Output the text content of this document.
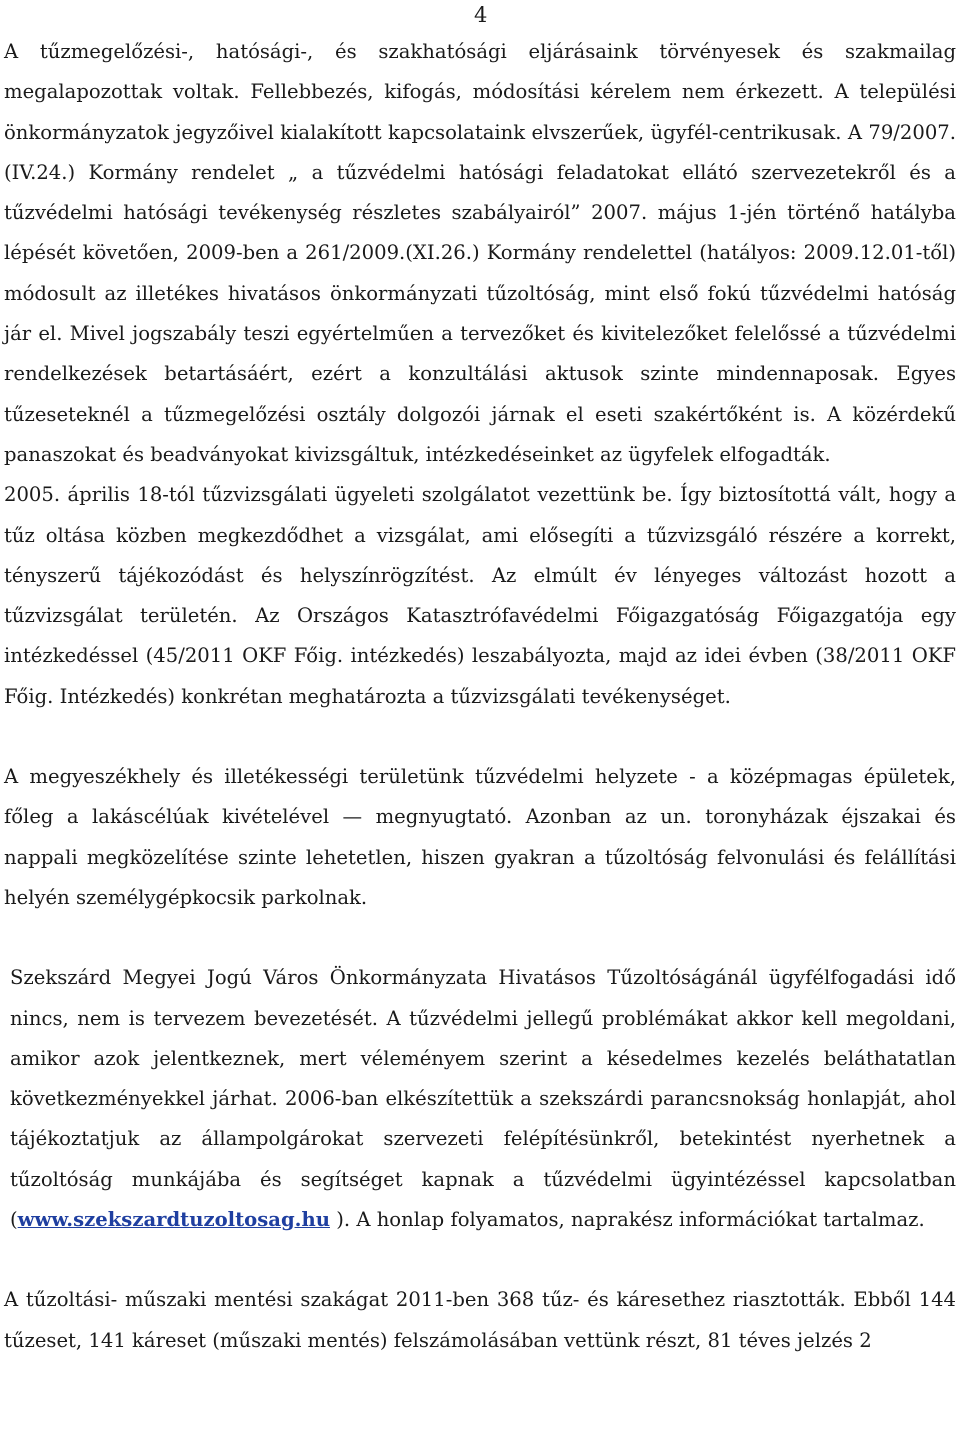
4

A tűzmegelőzési-, hatósági-, és szakhatósági eljárásaink törvényesek és szakmailag megalapozottak voltak. Fellebbezés, kifogás, módosítási kérelem nem érkezett. A települési önkormányzatok jegyzőivel kialakított kapcsolataink elvszerűek, ügyfél-centrikusak. A 79/2007.(IV.24.) Kormány rendelet „ a tűzvédelmi hatósági feladatokat ellátó szervezetekről és a tűzvédelmi hatósági tevékenység részletes szabályairól” 2007. május 1-jén történő hatályba lépését követően, 2009-ben a 261/2009.(XI.26.) Kormány rendelettel (hatályos: 2009.12.01-től) módosult az illetékes hivatásos önkormányzati tűzoltóság, mint első fokú tűzvédelmi hatóság jár el. Mivel jogszabály teszi egyértelműen a tervezőket és kivitelezőket felelőssé a tűzvédelmi rendelkezések betartásáért, ezért a konzultálási aktusok szinte mindennaposak. Egyes tűzeseteknél a tűzmegelőzési osztály dolgozói járnak el eseti szakértőként is. A közérdekű panaszokat és beadványokat kivizsgáltuk, intézkedéseinket az ügyfelek elfogadták.

2005. április 18-tól tűzvizsgálati ügyeleti szolgálatot vezettünk be. Így biztosítottá vált, hogy a tűz oltása közben megkezdődhet a vizsgálat, ami elősegíti a tűzvizsgáló részére a korrekt, tényszerű tájékozódást és helyszínrögzítést. Az elmúlt év lényeges változást hozott a tűzvizsgálat területén. Az Országos Katasztrófavédelmi Főigazgatóság Főigazgatója egy intézkedéssel (45/2011 OKF Főig. intézkedés) leszabályozta, majd az idei évben (38/2011 OKF Főig. Intézkedés) konkrétan meghatározta a tűzvizsgálati tevékenységet.

A megyeszékhely és illetékességi területünk tűzvédelmi helyzete - a középmagas épületek, főleg a lakáscélúak kivételével — megnyugtató. Azonban az un. toronyházak éjszakai és nappali megközelítése szinte lehetetlen, hiszen gyakran a tűzoltóság felvonulási és felállítási helyén személygépkocsik parkolnak.

Szekszárd Megyei Jogú Város Önkormányzata Hivatásos Tűzoltóságánál ügyfélfogadási idő nincs, nem is tervezem bevezetését. A tűzvédelmi jellegű problémákat akkor kell megoldani, amikor azok jelentkeznek, mert véleményem szerint a késedelmes kezelés beláthatatlan következményekkel járhat. 2006-ban elkészítettük a szekszárdi parancsnokság honlapját, ahol tájékoztatjuk az állampolgárokat szervezeti felépítésünkről, betekintést nyerhetnek a tűzoltóság munkájába és segítséget kapnak a tűzvédelmi ügyintézéssel kapcsolatban (www.szekszardtuzoltosag.hu ). A honlap folyamatos, naprakész információkat tartalmaz.

A tűzoltási- műszaki mentési szakágat 2011-ben 368 tűz- és káresethez riasztották. Ebből 144 tűzeset, 141 káreset (műszaki mentés) felszámolásában vettünk részt, 81 téves jelzés 2
